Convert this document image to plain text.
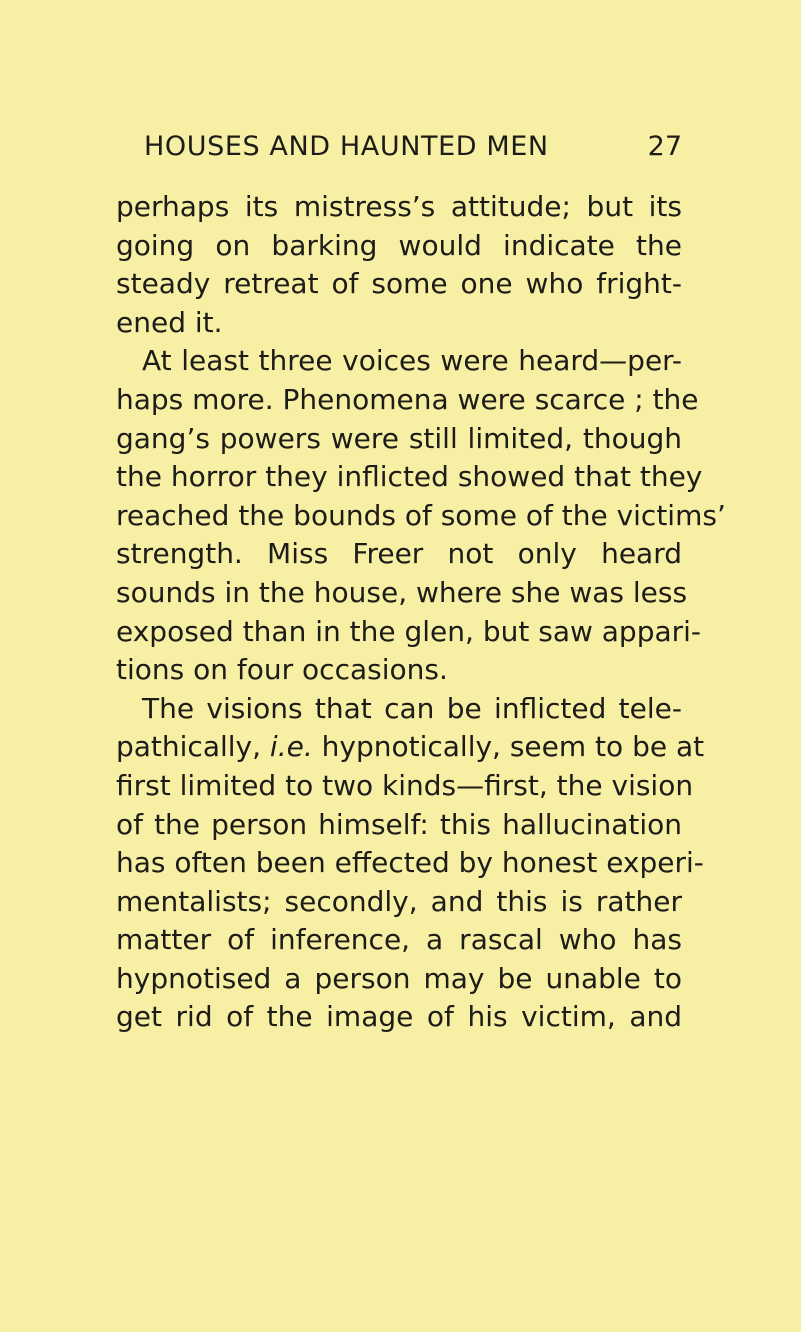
HOUSES AND HAUNTED MEN	27
perhaps its mistress’s attitude; but its
going on barking would indicate the
steady retreat of some one who fright-
ened it.
At least three voices were heard—per-
haps more. Phenomena were scarce ; the
gang’s powers were still limited, though
the horror they inflicted showed that they
reached the bounds of some of the victims’
strength. Miss Freer not only heard
sounds in the house, where she was less
exposed than in the glen, but saw appari-
tions on four occasions.
The visions that can be inflicted tele-
pathically, i.e. hypnotically, seem to be at
first limited to two kinds—first, the vision
of the person himself: this hallucination
has often been effected by honest experi-
mentalists; secondly, and this is rather
matter of inference, a rascal who has
hypnotised a person may be unable to
get rid of the image of his victim, and
